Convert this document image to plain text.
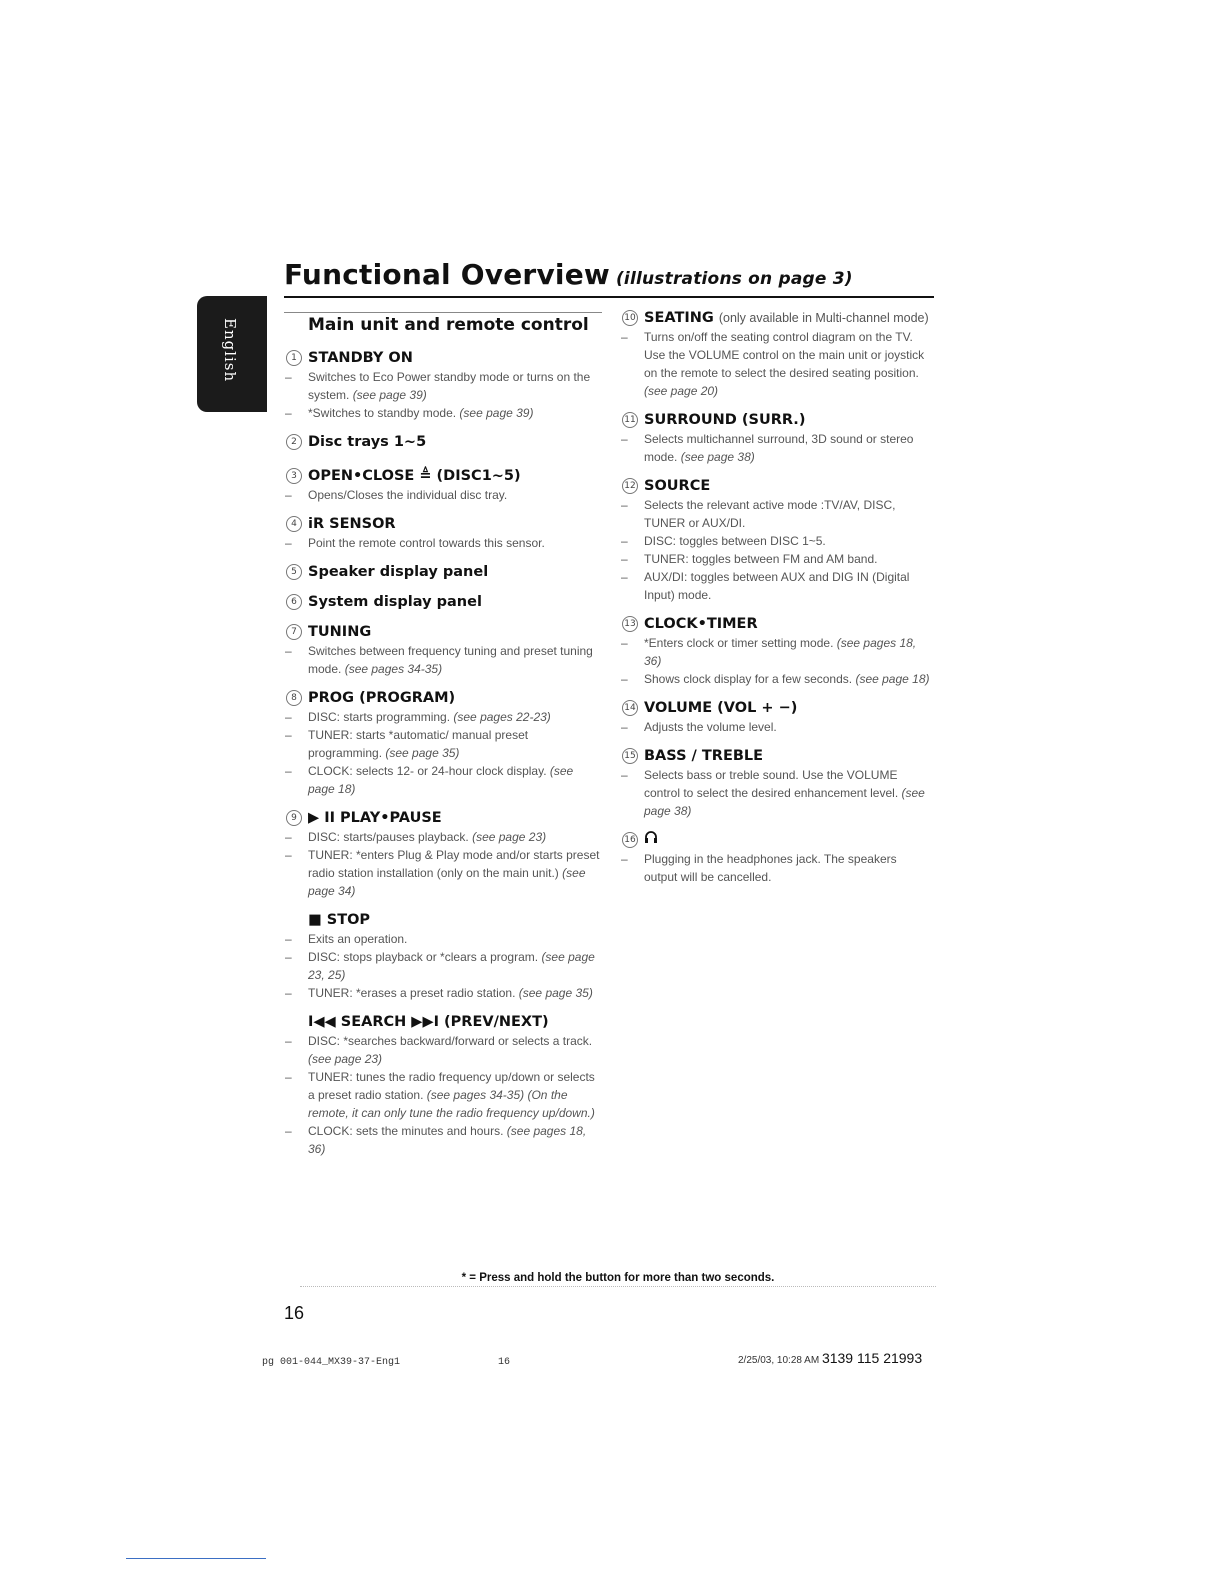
Functional Overview (illustrations on page 3)
English	Main unit and remote control
1 STANDBY ON
– Switches to Eco Power standby mode or turns on the system. (see page 39)
– *Switches to standby mode. (see page 39)
2 Disc trays 1~5
3 OPEN•CLOSE ≜ (DISC1~5)
– Opens/Closes the individual disc tray.
4 iR SENSOR
– Point the remote control towards this sensor.
5 Speaker display panel
6 System display panel
7 TUNING
– Switches between frequency tuning and preset tuning mode. (see pages 34-35)
8 PROG (PROGRAM)
– DISC: starts programming. (see pages 22-23)
– TUNER: starts *automatic/ manual preset programming. (see page 35)
– CLOCK: selects 12- or 24-hour clock display. (see page 18)
9 ▶ II PLAY•PAUSE
– DISC: starts/pauses playback. (see page 23)
– TUNER: *enters Plug & Play mode and/or starts preset radio station installation (only on the main unit.) (see page 34)
■ STOP
– Exits an operation.
– DISC: stops playback or *clears a program. (see page 23, 25)
– TUNER: *erases a preset radio station. (see page 35)
I◀◀ SEARCH ▶▶I (PREV/NEXT)
– DISC: *searches backward/forward or selects a track. (see page 23)
– TUNER: tunes the radio frequency up/down or selects a preset radio station. (see pages 34-35) (On the remote, it can only tune the radio frequency up/down.)
– CLOCK: sets the minutes and hours. (see pages 18, 36)
10 SEATING (only available in Multi-channel mode)
– Turns on/off the seating control diagram on the TV. Use the VOLUME control on the main unit or joystick on the remote to select the desired seating position. (see page 20)
11 SURROUND (SURR.)
– Selects multichannel surround, 3D sound or stereo mode. (see page 38)
12 SOURCE
– Selects the relevant active mode :TV/AV, DISC, TUNER or AUX/DI.
– DISC: toggles between DISC 1~5.
– TUNER: toggles between FM and AM band.
– AUX/DI: toggles between AUX and DIG IN (Digital Input) mode.
13 CLOCK•TIMER
– *Enters clock or timer setting mode. (see pages 18, 36)
– Shows clock display for a few seconds. (see page 18)
14 VOLUME (VOL + −)
– Adjusts the volume level.
15 BASS / TREBLE
– Selects bass or treble sound. Use the VOLUME control to select the desired enhancement level. (see page 38)
16
– Plugging in the headphones jack. The speakers output will be cancelled.
* = Press and hold the button for more than two seconds.
16
pg 001-044_MX39-37-Eng1	16	2/25/03, 10:28 AM 3139 115 21993
